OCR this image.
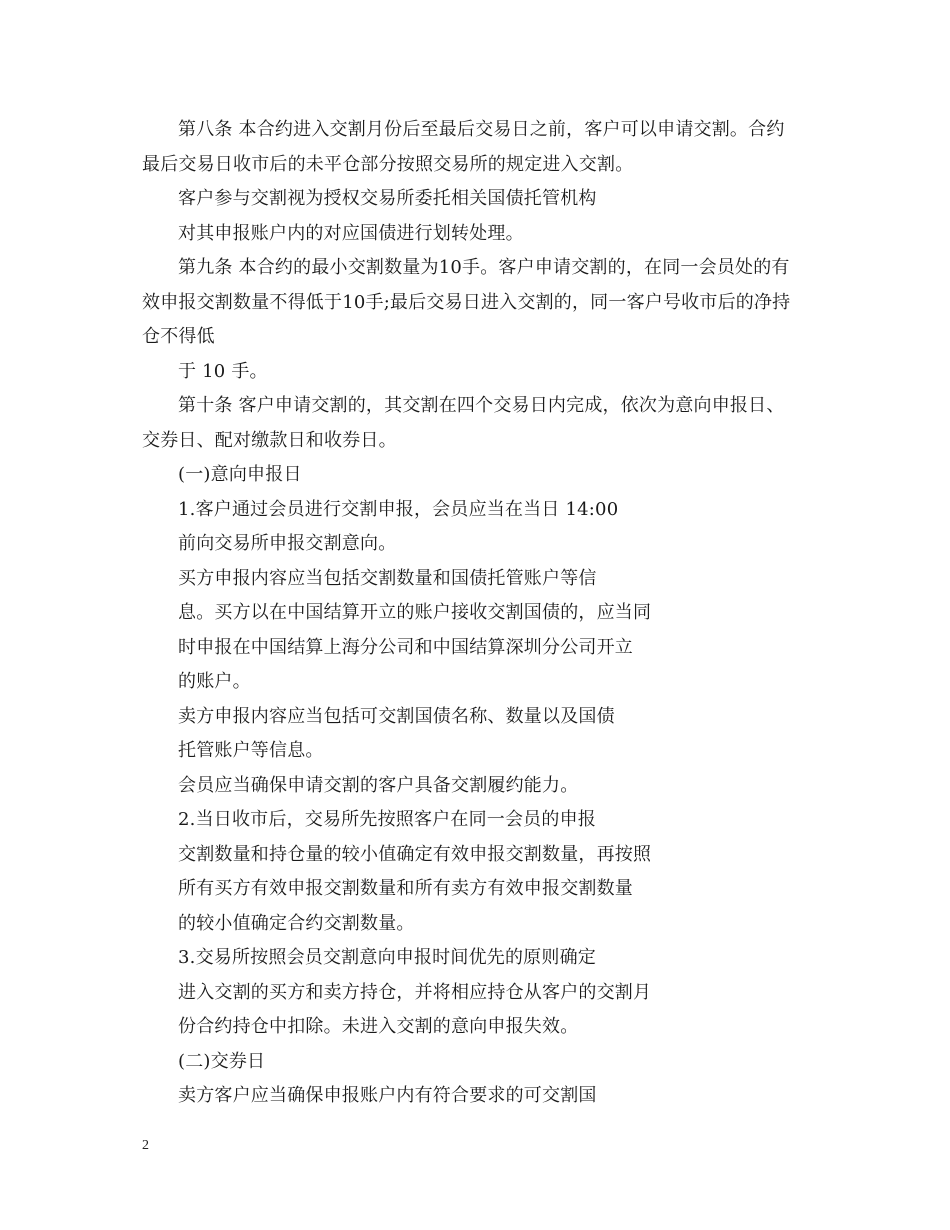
第八条 本合约进入交割月份后至最后交易日之前，客户可以申请交割。合约
最后交易日收市后的未平仓部分按照交易所的规定进入交割。
客户参与交割视为授权交易所委托相关国债托管机构
对其申报账户内的对应国债进行划转处理。
第九条 本合约的最小交割数量为10手。客户申请交割的，在同一会员处的有
效申报交割数量不得低于10手;最后交易日进入交割的，同一客户号收市后的净持
仓不得低
于 10 手。
第十条 客户申请交割的，其交割在四个交易日内完成，依次为意向申报日、
交券日、配对缴款日和收券日。
(一)意向申报日
1.客户通过会员进行交割申报，会员应当在当日 14:00
前向交易所申报交割意向。
买方申报内容应当包括交割数量和国债托管账户等信
息。买方以在中国结算开立的账户接收交割国债的，应当同
时申报在中国结算上海分公司和中国结算深圳分公司开立
的账户。
卖方申报内容应当包括可交割国债名称、数量以及国债
托管账户等信息。
会员应当确保申请交割的客户具备交割履约能力。
2.当日收市后，交易所先按照客户在同一会员的申报
交割数量和持仓量的较小值确定有效申报交割数量，再按照
所有买方有效申报交割数量和所有卖方有效申报交割数量
的较小值确定合约交割数量。
3.交易所按照会员交割意向申报时间优先的原则确定
进入交割的买方和卖方持仓，并将相应持仓从客户的交割月
份合约持仓中扣除。未进入交割的意向申报失效。
(二)交券日
卖方客户应当确保申报账户内有符合要求的可交割国
2
